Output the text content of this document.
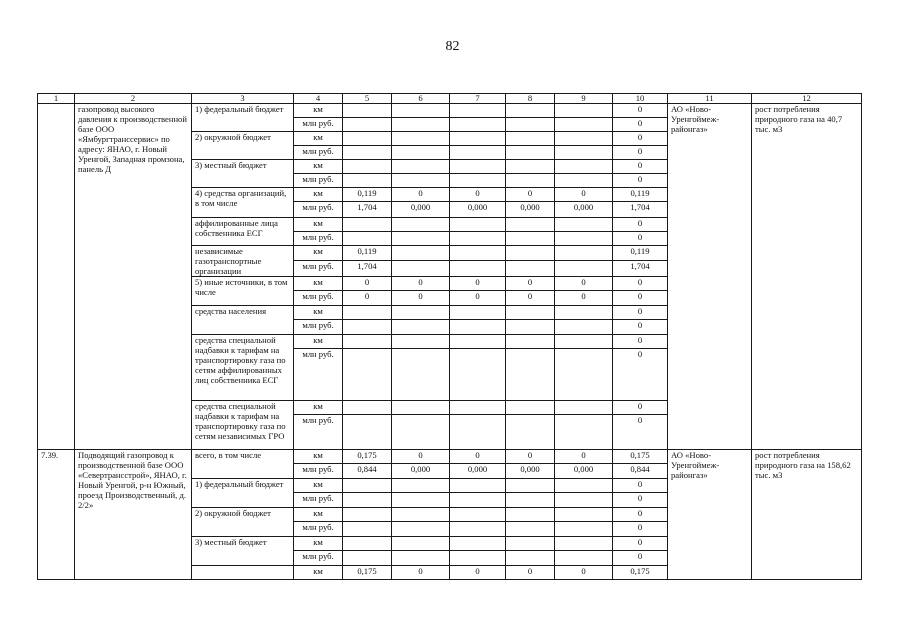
82
1	2	3	4	5	6	7	8	9	10	11	12
	газопровод высокого давления к производственной базе ООО «Ямбургтранссервис» по адресу: ЯНАО, г. Новый Уренгой, Западная промзона, панель Д	1) федеральный бюджет	км						0	АО «Ново-Уренгоймеж-районгаз»	рост потребления природного газа на 40,7 тыс. м3
			млн руб.						0		
		2) окружной бюджет	км						0		
			млн руб.						0		
		3) местный бюджет	км						0		
			млн руб.						0		
		4) средства организаций, в том числе	км	0,119	0	0	0	0	0,119		
			млн руб.	1,704	0,000	0,000	0,000	0,000	1,704		
		аффилированные лица собственника ЕСГ	км						0		
			млн руб.						0		
		независимые газотранспортные организации	км	0,119					0,119		
			млн руб.	1,704					1,704		
		5) иные источники, в том числе	км	0	0	0	0	0	0		
			млн руб.	0	0	0	0	0	0		
		средства населения	км						0		
			млн руб.						0		
		средства специальной надбавки к тарифам на транспортировку газа по сетям аффилированных лиц собственника ЕСГ	км						0		
			млн руб.						0		
		средства специальной надбавки к тарифам на транспортировку газа по сетям независимых ГРО	км						0		
			млн руб.						0		
7.39.	Подводящий газопровод к производственной базе ООО «Севертрансстрой», ЯНАО, г. Новый Уренгой, р-н Южный, проезд Производственный, д. 2/2»	всего, в том числе	км	0,175	0	0	0	0	0,175	АО «Ново-Уренгоймеж-районгаз»	рост потребления природного газа на 158,62 тыс. м3
			млн руб.	0,844	0,000	0,000	0,000	0,000	0,844		
		1) федеральный бюджет	км						0		
			млн руб.						0		
		2) окружной бюджет	км						0		
			млн руб.						0		
		3) местный бюджет	км						0		
			млн руб.						0		
			км	0,175	0	0	0	0	0,175		
